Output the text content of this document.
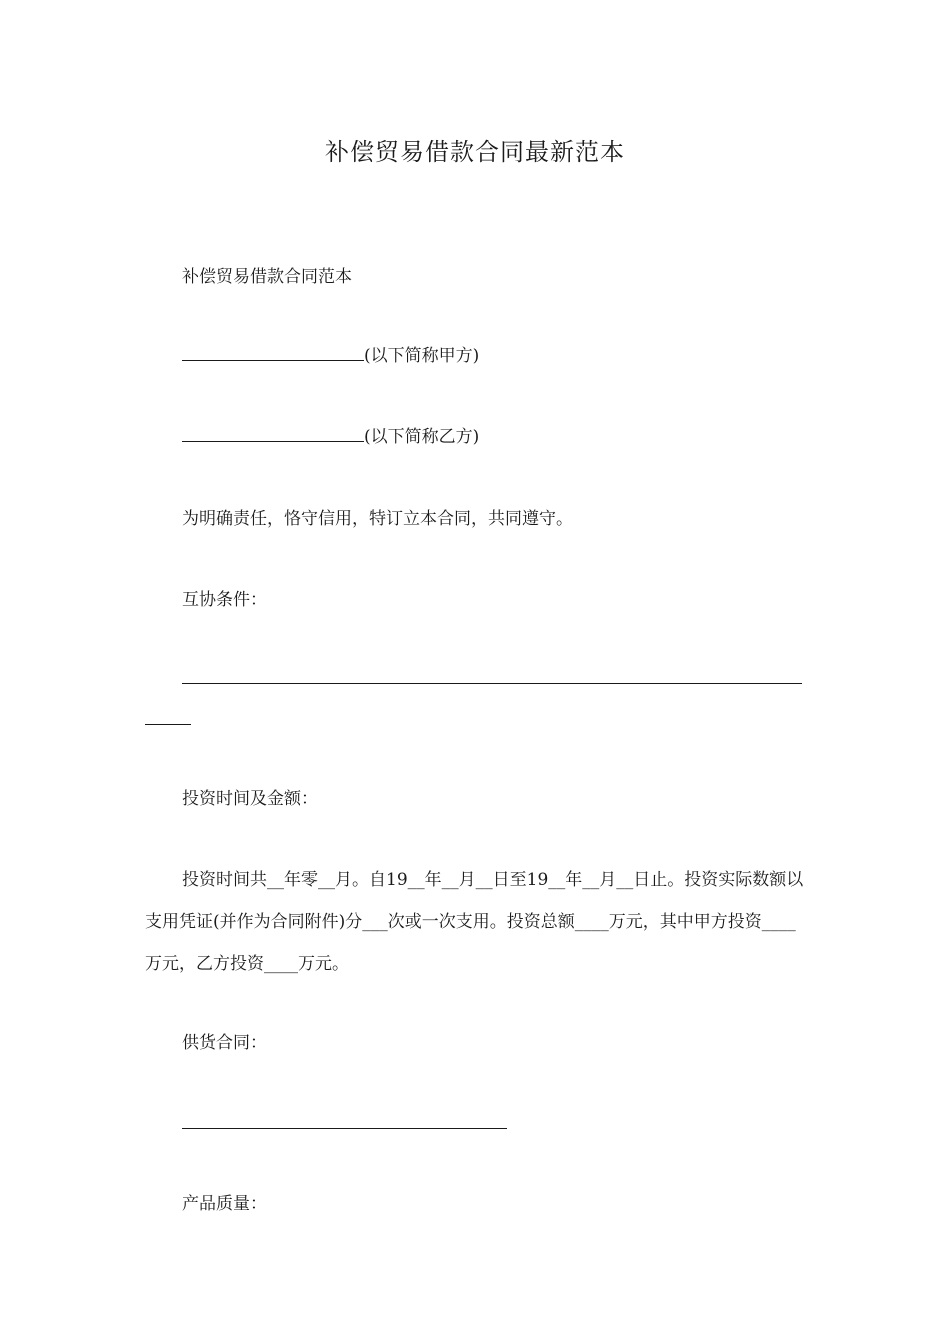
补偿贸易借款合同最新范本
补偿贸易借款合同范本
(以下简称甲方)
(以下简称乙方)
为明确责任，恪守信用，特订立本合同，共同遵守。
互协条件：
投资时间及金额：
投资时间共__年零__月。自19__年__月__日至19__年__月__日止。投资实际数额以支用凭证(并作为合同附件)分___次或一次支用。投资总额____万元，其中甲方投资____万元，乙方投资____万元。
供货合同：
产品质量：
